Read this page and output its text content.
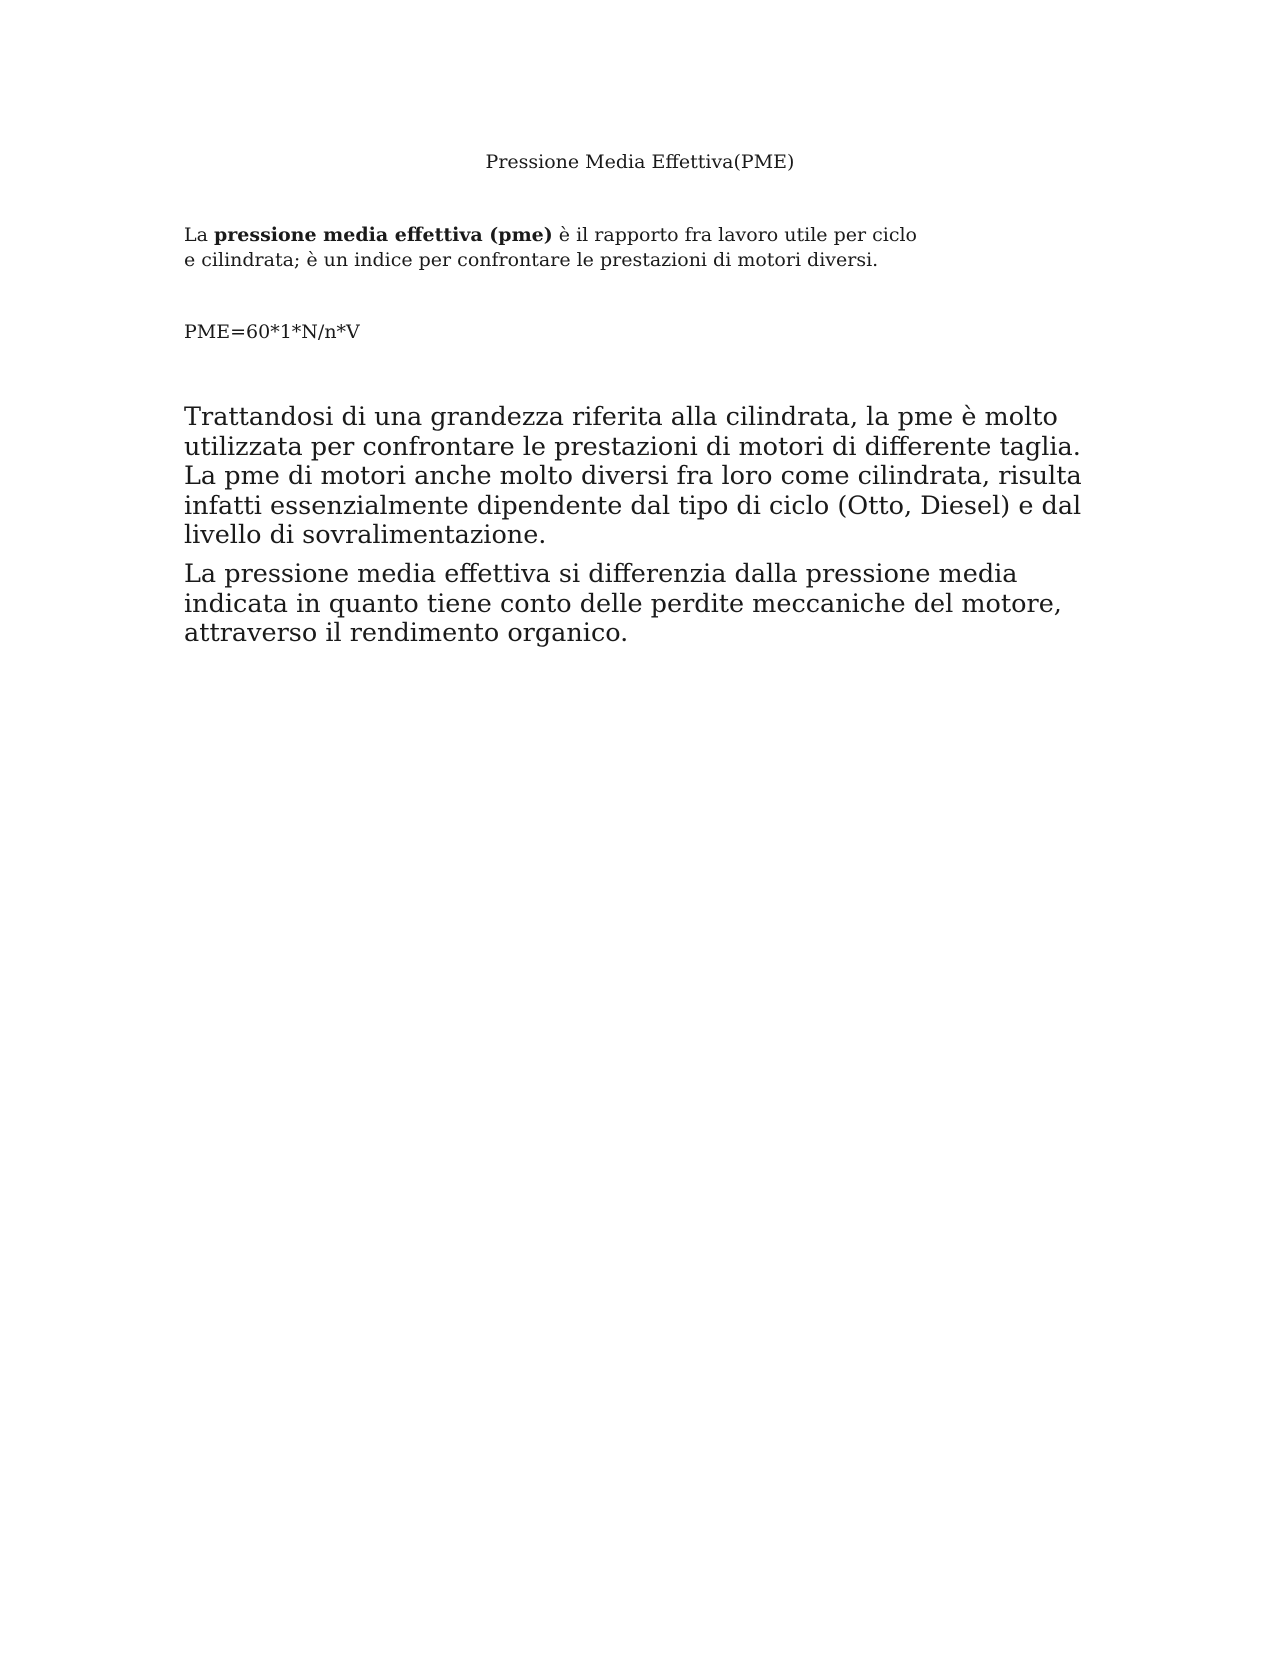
Pressione Media Effettiva(PME)
La pressione media effettiva (pme) è il rapporto fra lavoro utile per ciclo
e cilindrata; è un indice per confrontare le prestazioni di motori diversi.
PME=60*1*N/n*V
Trattandosi di una grandezza riferita alla cilindrata, la pme è molto
utilizzata per confrontare le prestazioni di motori di differente taglia.
La pme di motori anche molto diversi fra loro come cilindrata, risulta
infatti essenzialmente dipendente dal tipo di ciclo (Otto, Diesel) e dal
livello di sovralimentazione.
La pressione media effettiva si differenzia dalla pressione media
indicata in quanto tiene conto delle perdite meccaniche del motore,
attraverso il rendimento organico.
